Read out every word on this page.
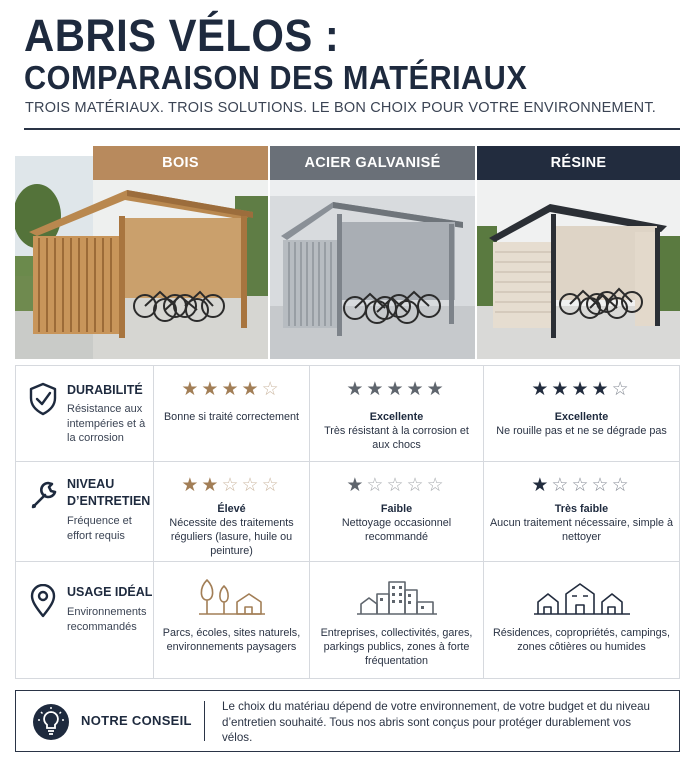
ABRIS VÉLOS :
COMPARAISON DES MATÉRIAUX
TROIS MATÉRIAUX. TROIS SOLUTIONS. LE BON CHOIX POUR VOTRE ENVIRONNEMENT.
BOIS	ACIER GALVANISÉ	RÉSINE
DURABILITÉ
Résistance aux intempéries et à la corrosion
★★★★☆
Bonne si traité correctement
★★★★★
Excellente
Très résistant à la corrosion et aux chocs
★★★★☆
Excellente
Ne rouille pas et ne se dégrade pas
NIVEAU D’ENTRETIEN
Fréquence et effort requis
★★☆☆☆
Élevé
Nécessite des traitements réguliers (lasure, huile ou peinture)
★☆☆☆☆
Faible
Nettoyage occasionnel recommandé
★☆☆☆☆
Très faible
Aucun traitement nécessaire, simple à nettoyer
USAGE IDÉAL
Environnements recommandés
Parcs, écoles, sites naturels, environnements paysagers
Entreprises, collectivités, gares, parkings publics, zones à forte fréquentation
Résidences, copropriétés, campings, zones côtières ou humides
NOTRE CONSEIL
Le choix du matériau dépend de votre environnement, de votre budget et du niveau d’entretien souhaité. Tous nos abris sont conçus pour protéger durablement vos vélos.
